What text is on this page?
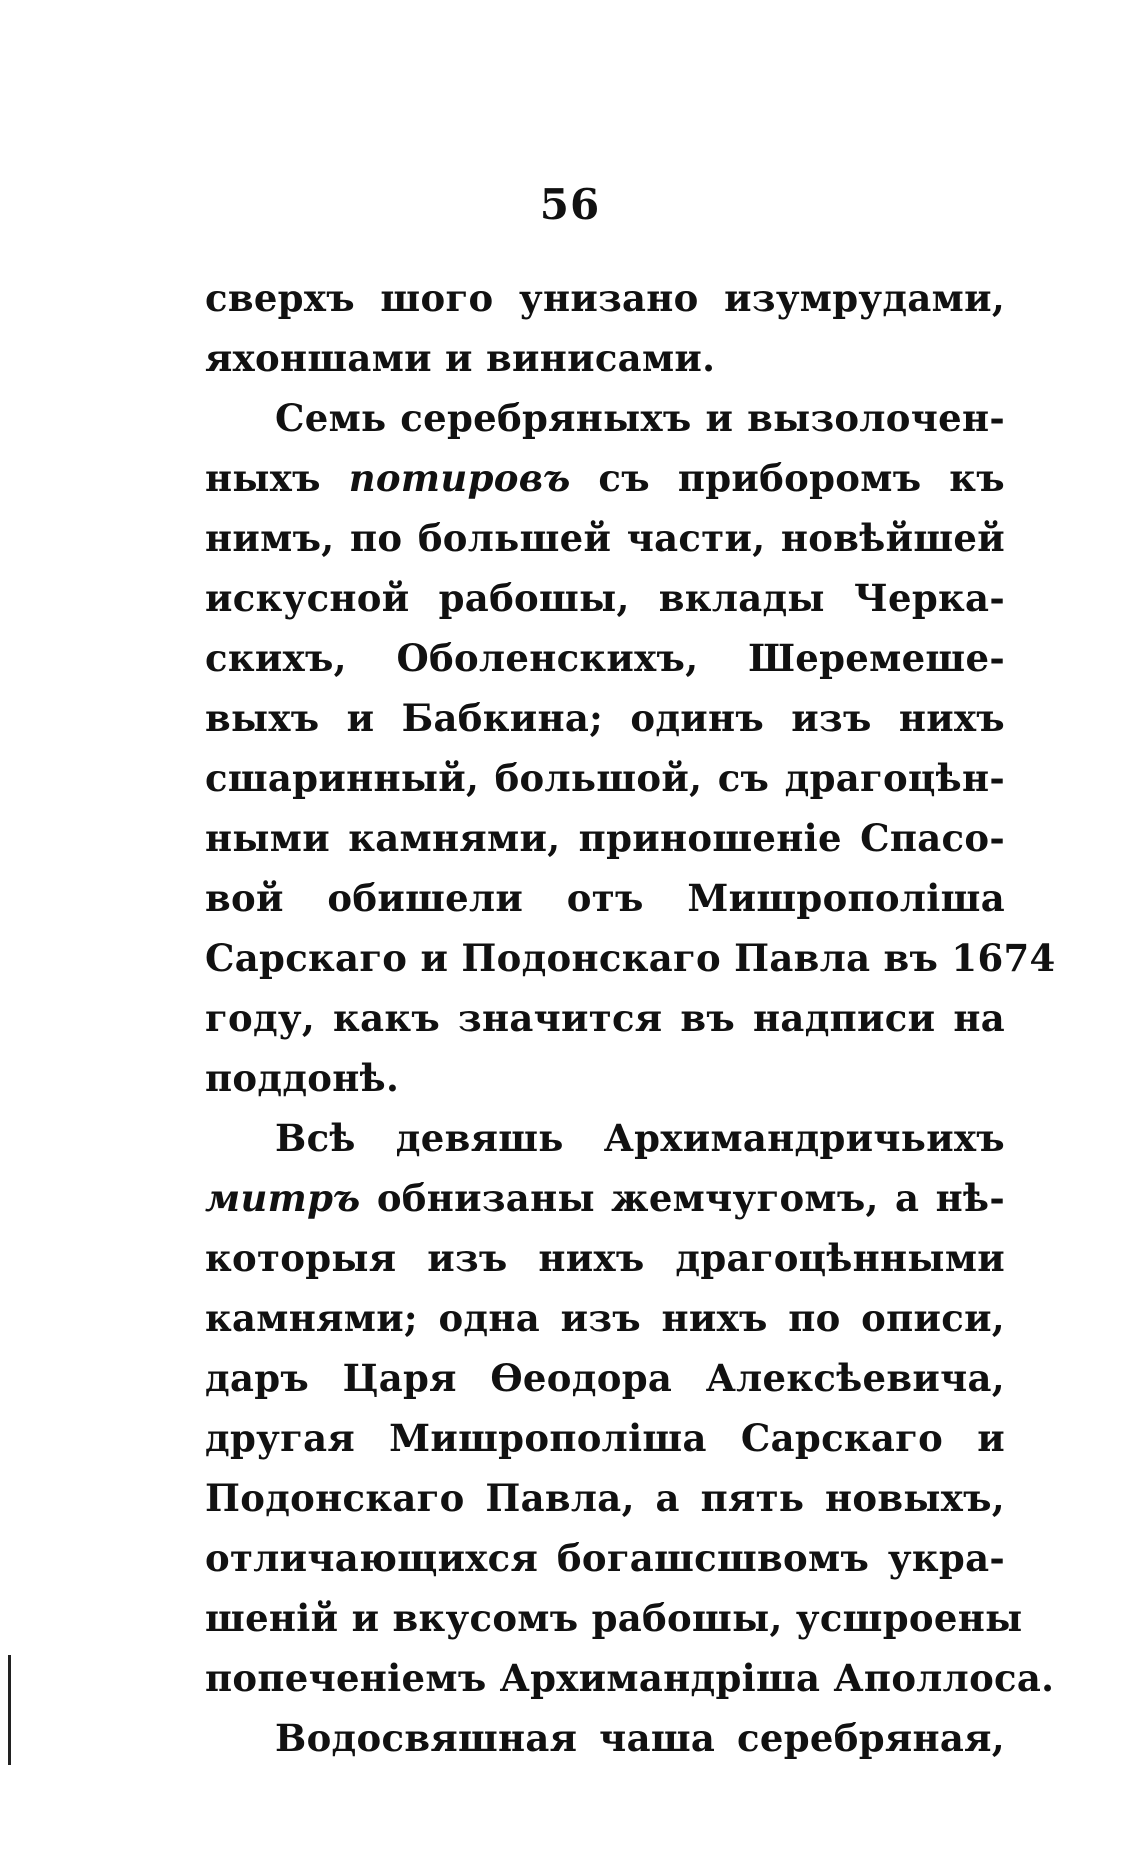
56
сверхъ шого унизано изумрудами,
яхоншами и винисами.
Семь серебряныхъ и вызолочен-
ныхъ потировъ съ приборомъ къ
нимъ, по большей части, новѣйшей
искусной рабошы, вклады Черка-
скихъ, Оболенскихъ, Шеремеше-
выхъ и Бабкина; одинъ изъ нихъ
сшаринный, большой, съ драгоцѣн-
ными камнями, приношеніе Спасо-
вой обишели отъ Мишрополіша
Сарскаго и Подонскаго Павла въ 1674
году, какъ значится въ надписи на
поддонѣ.
Всѣ девяшь Архимандричьихъ
митръ обнизаны жемчугомъ, а нѣ-
которыя изъ нихъ драгоцѣнными
камнями; одна изъ нихъ по описи,
даръ Царя Ѳеодора Алексѣевича,
другая Мишрополіша Сарскаго и
Подонскаго Павла, а пять новыхъ,
отличающихся богашсшвомъ укра-
шеній и вкусомъ рабошы, усшроены
попеченіемъ Архимандрiша Аполлоса.
Водосвяшная чаша серебряная,
